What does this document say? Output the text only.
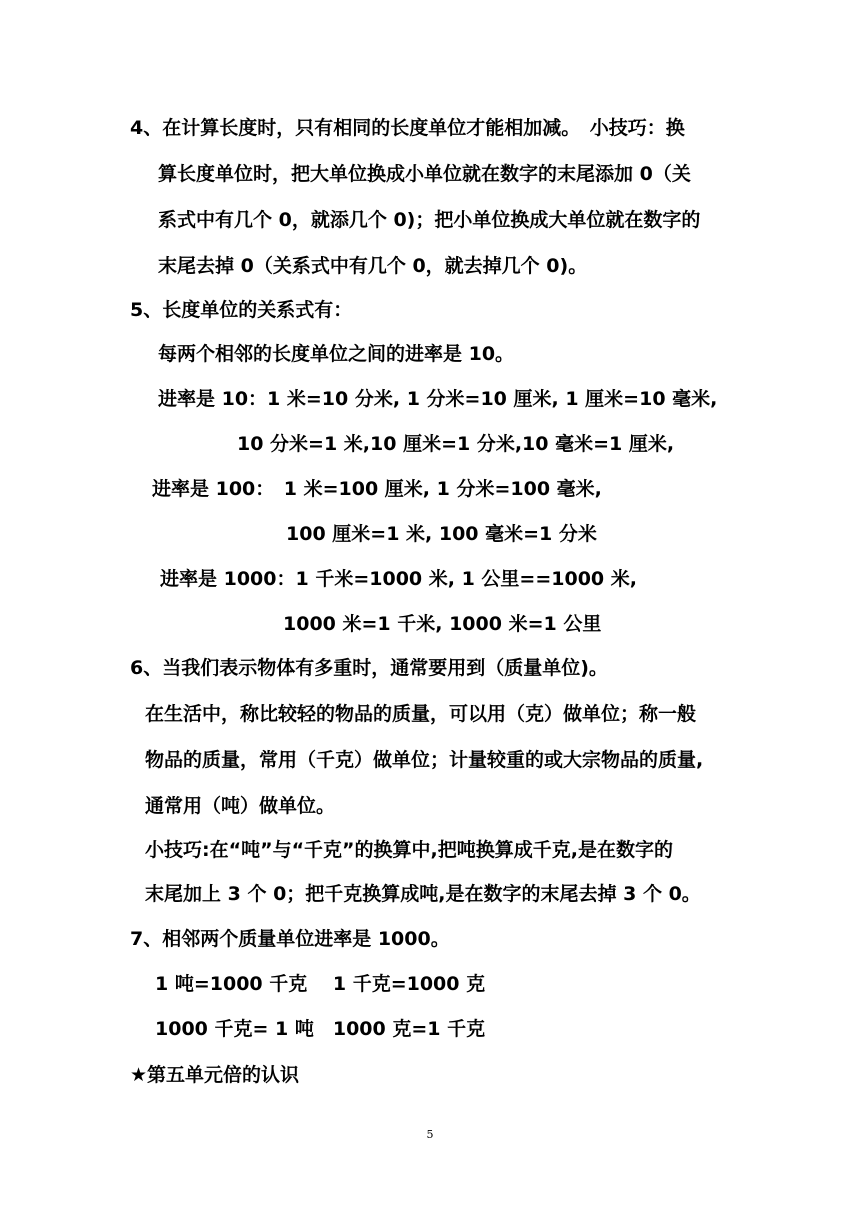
4、在计算长度时，只有相同的长度单位才能相加减。　小技巧：换
算长度单位时，把大单位换成小单位就在数字的末尾添加 0（关
系式中有几个 0，就添几个 0)；把小单位换成大单位就在数字的
末尾去掉 0（关系式中有几个 0，就去掉几个 0)。
5、长度单位的关系式有：
每两个相邻的长度单位之间的进率是 10。
进率是 10：1 米=10 分米, 1 分米=10 厘米, 1 厘米=10 毫米,
10 分米=1 米,10 厘米=1 分米,10 毫米=1 厘米,
进率是 100：　1 米=100 厘米, 1 分米=100 毫米,
100 厘米=1 米, 100 毫米=1 分米
进率是 1000：1 千米=1000 米, 1 公里==1000 米,
1000 米=1 千米, 1000 米=1 公里
6、当我们表示物体有多重时，通常要用到（质量单位)。
在生活中，称比较轻的物品的质量，可以用（克）做单位；称一般
物品的质量，常用（千克）做单位；计量较重的或大宗物品的质量,
通常用（吨）做单位。
小技巧:在“吨”与“千克”的换算中,把吨换算成千克,是在数字的
末尾加上 3 个 0；把千克换算成吨,是在数字的末尾去掉 3 个 0。
7、相邻两个质量单位进率是 1000。
1 吨=1000 千克　 1 千克=1000 克
1000 千克= 1 吨　1000 克=1 千克
★第五单元倍的认识
5
